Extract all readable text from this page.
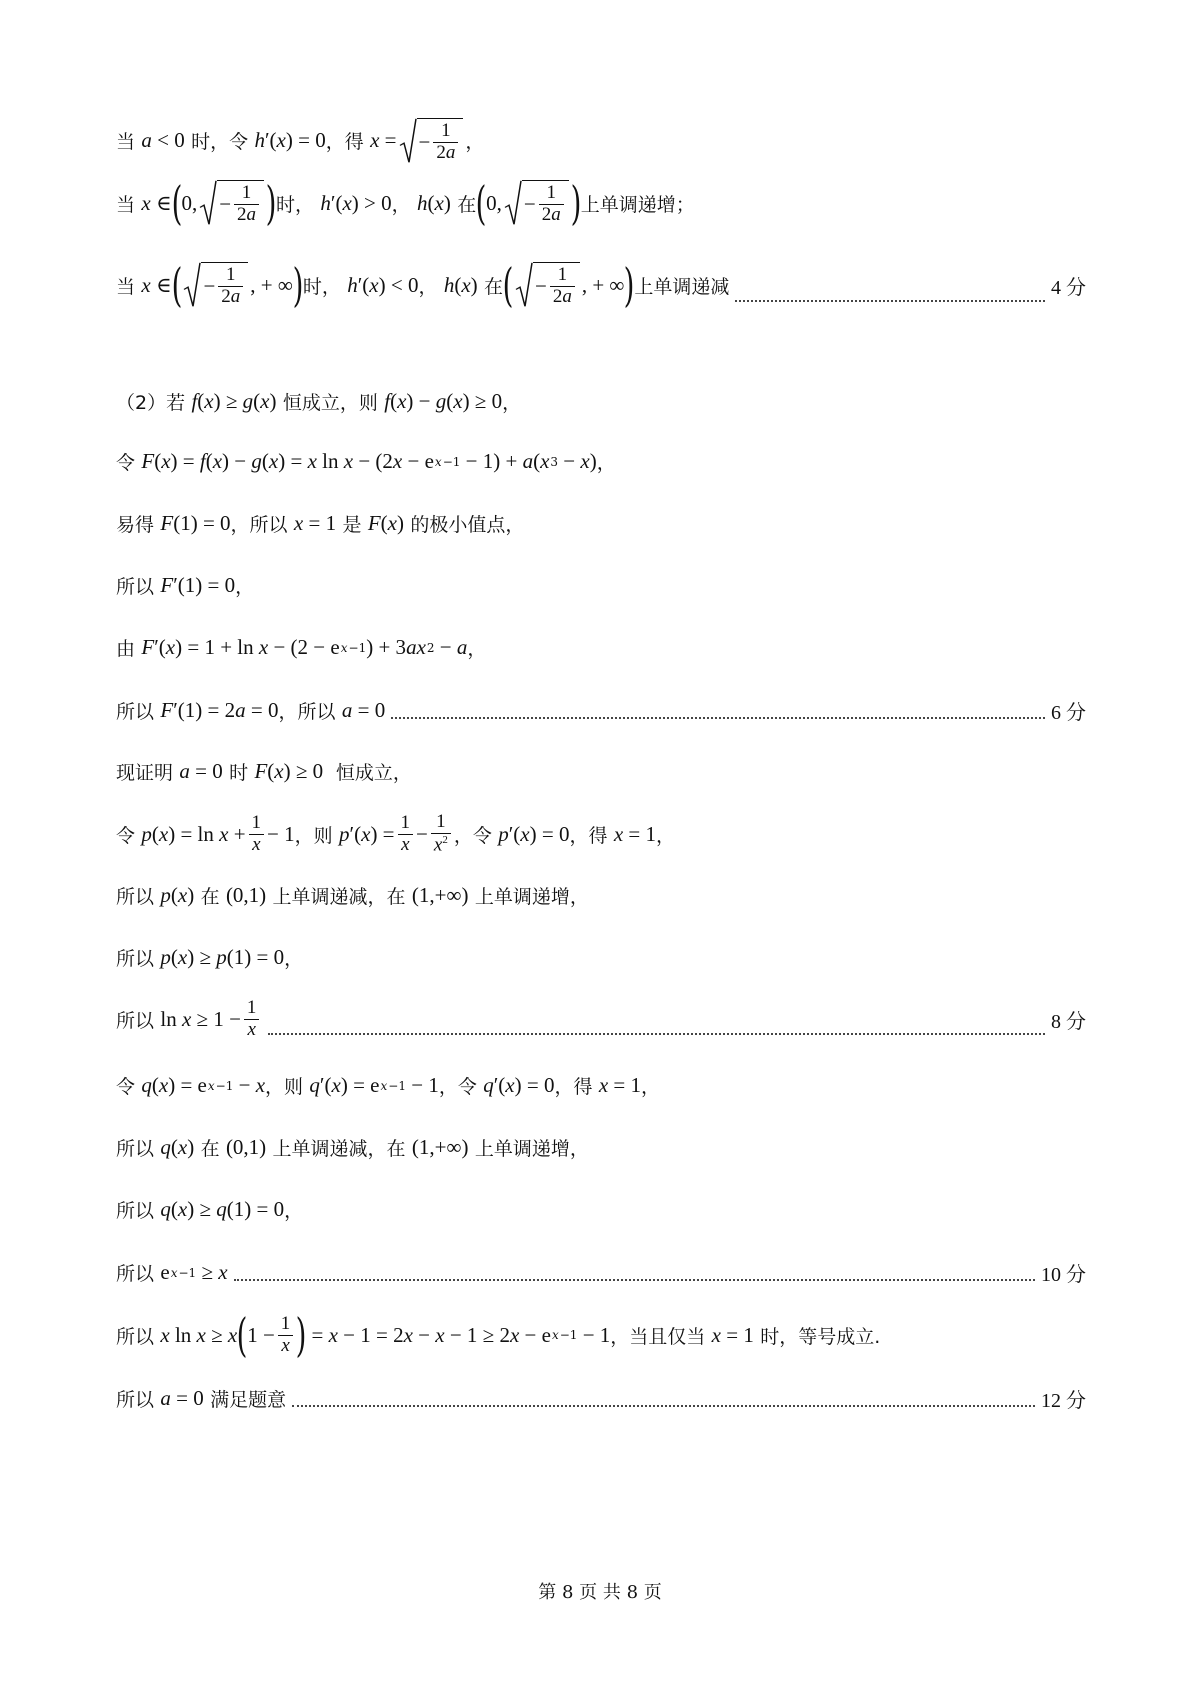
当
a < 0
时，令
h ′( x ) = 0 ，得
x = − $\frac{1}{2a}$ ，
当
x ∈ ( 0, − $\frac{1}{2a}$ ) 时，
h ′( x ) > 0 ，
h ( x )
在 ( 0, − $\frac{1}{2a}$ ) 上单调递增；
当
x ∈ ( − $\frac{1}{2a}$ , + ∞ ) 时，
h ′( x ) < 0 ，
h ( x )
在 ( − $\frac{1}{2a}$ , + ∞ ) 上单调递减	4 分
（2）若
f ( x ) ≥ g ( x )
恒成立，则
f ( x ) − g ( x ) ≥ 0 ，
令
F ( x ) = f ( x ) − g ( x ) = x ln x − (2 x − e x −1 − 1) + a ( x 3 − x ) ，
易得
F (1) = 0 ，所以
x = 1
是
F ( x )
的极小值点，
所以
F ′(1) = 0 ，
由
F ′( x ) = 1 + ln x − (2 − e x −1 ) + 3 ax 2 − a ，
所以
F ′(1) = 2 a = 0 ，所以
a = 0	6 分
现证明
a = 0
时
F ( x ) ≥ 0
恒成立，
令
p ( x ) = $\ln x + \frac{1}{x} - 1$ ，则
p ′( x ) = $\frac{1}{x} - \frac{1}{x^2}$ ，令
p ′( x ) = 0 ，得
x = 1 ，
所以
p ( x )
在
(0,1)
上单调递减，在
(1,+∞)
上单调递增，
所以
p ( x ) ≥ p (1) = 0 ，
所以
$\ln x \ge 1 - \frac{1}{x}$	8 分
令
q ( x ) = e x −1 − x ，则
q ′( x ) = e x −1 − 1 ，令
q ′( x ) = 0 ，得
x = 1 ，
所以
q ( x )
在
(0,1)
上单调递减，在
(1,+∞)
上单调递增，
所以
q ( x ) ≥ q (1) = 0 ，
所以
e x −1 ≥ x	10 分
所以
x ln x ≥ x ( $1 - \frac{1}{x}$ ) = x − 1 = 2 x − x − 1 ≥ 2 x − e x −1 − 1 ，当且仅当
x = 1
时，等号成立.
所以
a = 0
满足题意	12 分
第 8 页 共 8 页
